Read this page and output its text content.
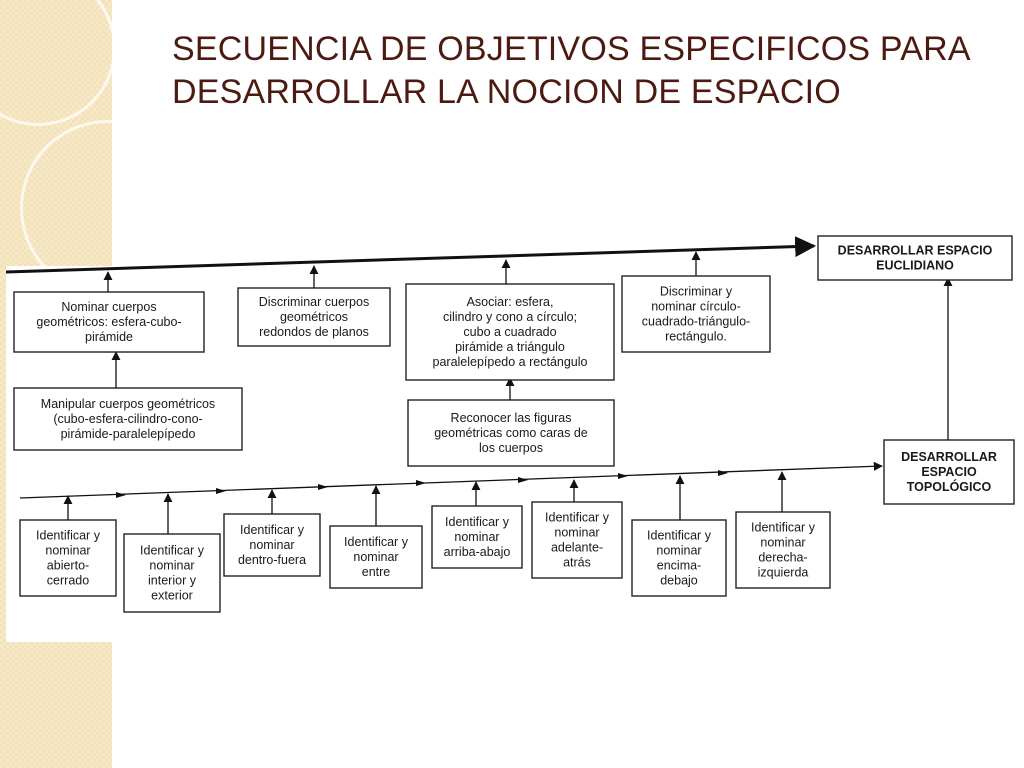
SECUENCIA DE OBJETIVOS ESPECIFICOS PARA DESARROLLAR LA NOCION DE ESPACIO
DESARROLLAR ESPACIO
EUCLIDIANO
DESARROLLAR
ESPACIO
TOPOLÓGICO
Nominar cuerpos
geométricos: esfera-cubo-
pirámide
Discriminar cuerpos
geométricos
redondos de planos
Asociar: esfera,
cilindro y cono a círculo;
cubo a cuadrado
pirámide a triángulo
paralelepípedo a rectángulo
Discriminar y
nominar círculo-
cuadrado-triángulo-
rectángulo.
Manipular cuerpos geométricos
(cubo-esfera-cilindro-cono-
pirámide-paralelepípedo
Reconocer las figuras
geométricas como caras de
los cuerpos
Identificar y
nominar
abierto-
cerrado
Identificar y
nominar
interior y
exterior
Identificar y
nominar
dentro-fuera
Identificar y
nominar
entre
Identificar y
nominar
arriba-abajo
Identificar y
nominar
adelante-
atrás
Identificar y
nominar
encima-
debajo
Identificar y
nominar
derecha-
izquierda
